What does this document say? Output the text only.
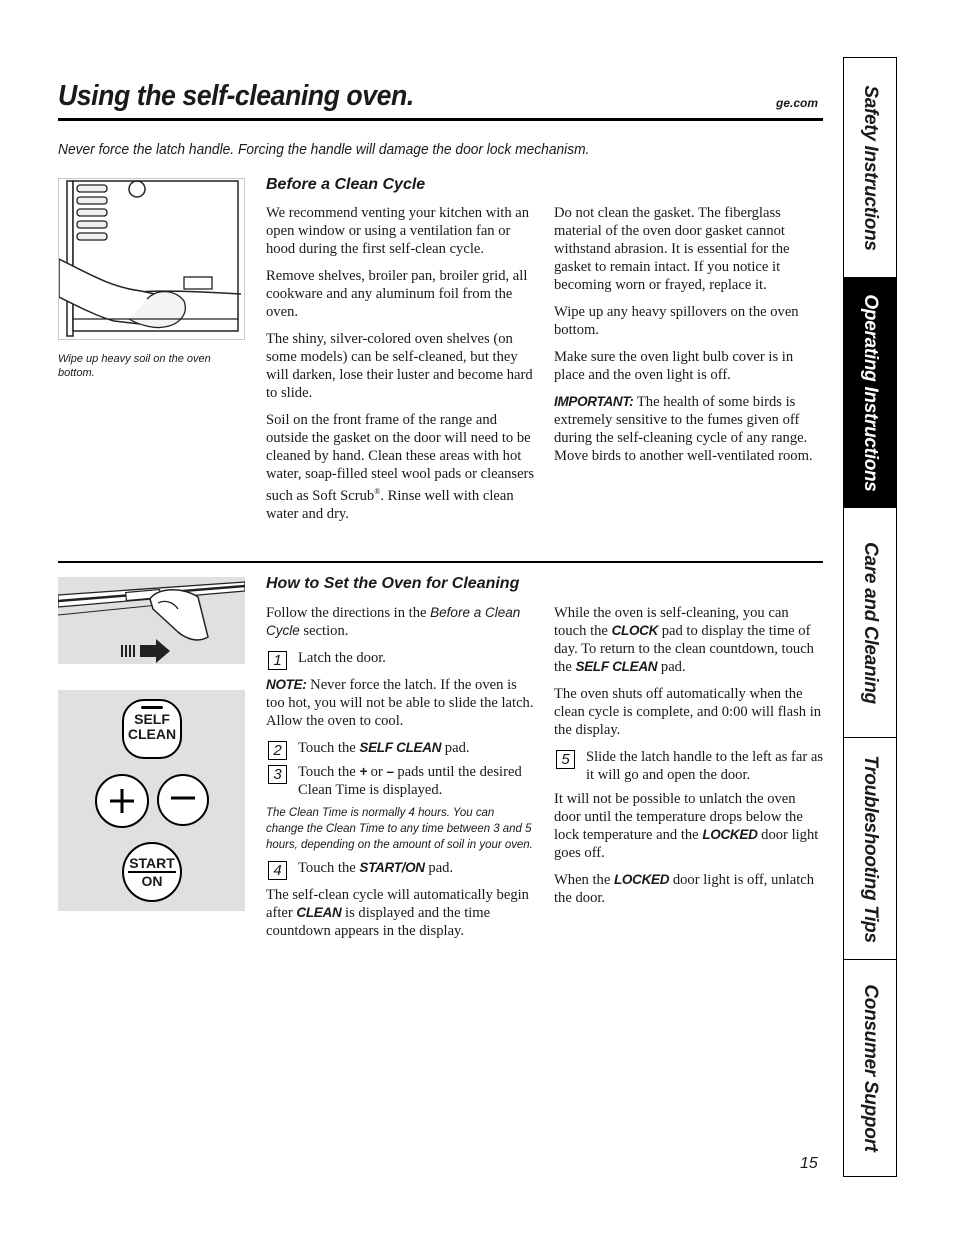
Using the self-cleaning oven.	ge.com
Never force the latch handle. Forcing the handle will damage the door lock mechanism.
Wipe up heavy soil on the oven bottom.
Before a Clean Cycle

We recommend venting your kitchen with an open window or using a ventilation fan or hood during the first self-clean cycle.

Remove shelves, broiler pan, broiler grid, all cookware and any aluminum foil from the oven.

The shiny, silver-colored oven shelves (on some models) can be self-cleaned, but they will darken, lose their luster and become hard to slide.

Soil on the front frame of the range and outside the gasket on the door will need to be cleaned by hand. Clean these areas with hot water, soap-filled steel wool pads or cleansers such as Soft Scrub®. Rinse well with clean water and dry.

Do not clean the gasket. The fiberglass material of the oven door gasket cannot withstand abrasion. It is essential for the gasket to remain intact. If you notice it becoming worn or frayed, replace it.

Wipe up any heavy spillovers on the oven bottom.

Make sure the oven light bulb cover is in place and the oven light is off.

IMPORTANT: The health of some birds is extremely sensitive to the fumes given off during the self-cleaning cycle of any range. Move birds to another well-ventilated room.

SELF
CLEAN
START
ON
How to Set the Oven for Cleaning

Follow the directions in the Before a Clean Cycle section.

1	Latch the door.

NOTE: Never force the latch. If the oven is too hot, you will not be able to slide the latch. Allow the oven to cool.

2	Touch the SELF CLEAN pad.

3	Touch the + or – pads until the desired Clean Time is displayed.

The Clean Time is normally 4 hours. You can change the Clean Time to any time between 3 and 5 hours, depending on the amount of soil in your oven.

4	Touch the START/ON pad.

The self-clean cycle will automatically begin after CLEAN is displayed and the time countdown appears in the display.

While the oven is self-cleaning, you can touch the CLOCK pad to display the time of day. To return to the clean countdown, touch the SELF CLEAN pad.

The oven shuts off automatically when the clean cycle is complete, and 0:00 will flash in the display.

5	Slide the latch handle to the left as far as it will go and open the door.

It will not be possible to unlatch the oven door until the temperature drops below the lock temperature and the LOCKED door light goes off.

When the LOCKED door light is off, unlatch the door.

Safety Instructions
Operating Instructions
Care and Cleaning
Troubleshooting Tips
Consumer Support
15
